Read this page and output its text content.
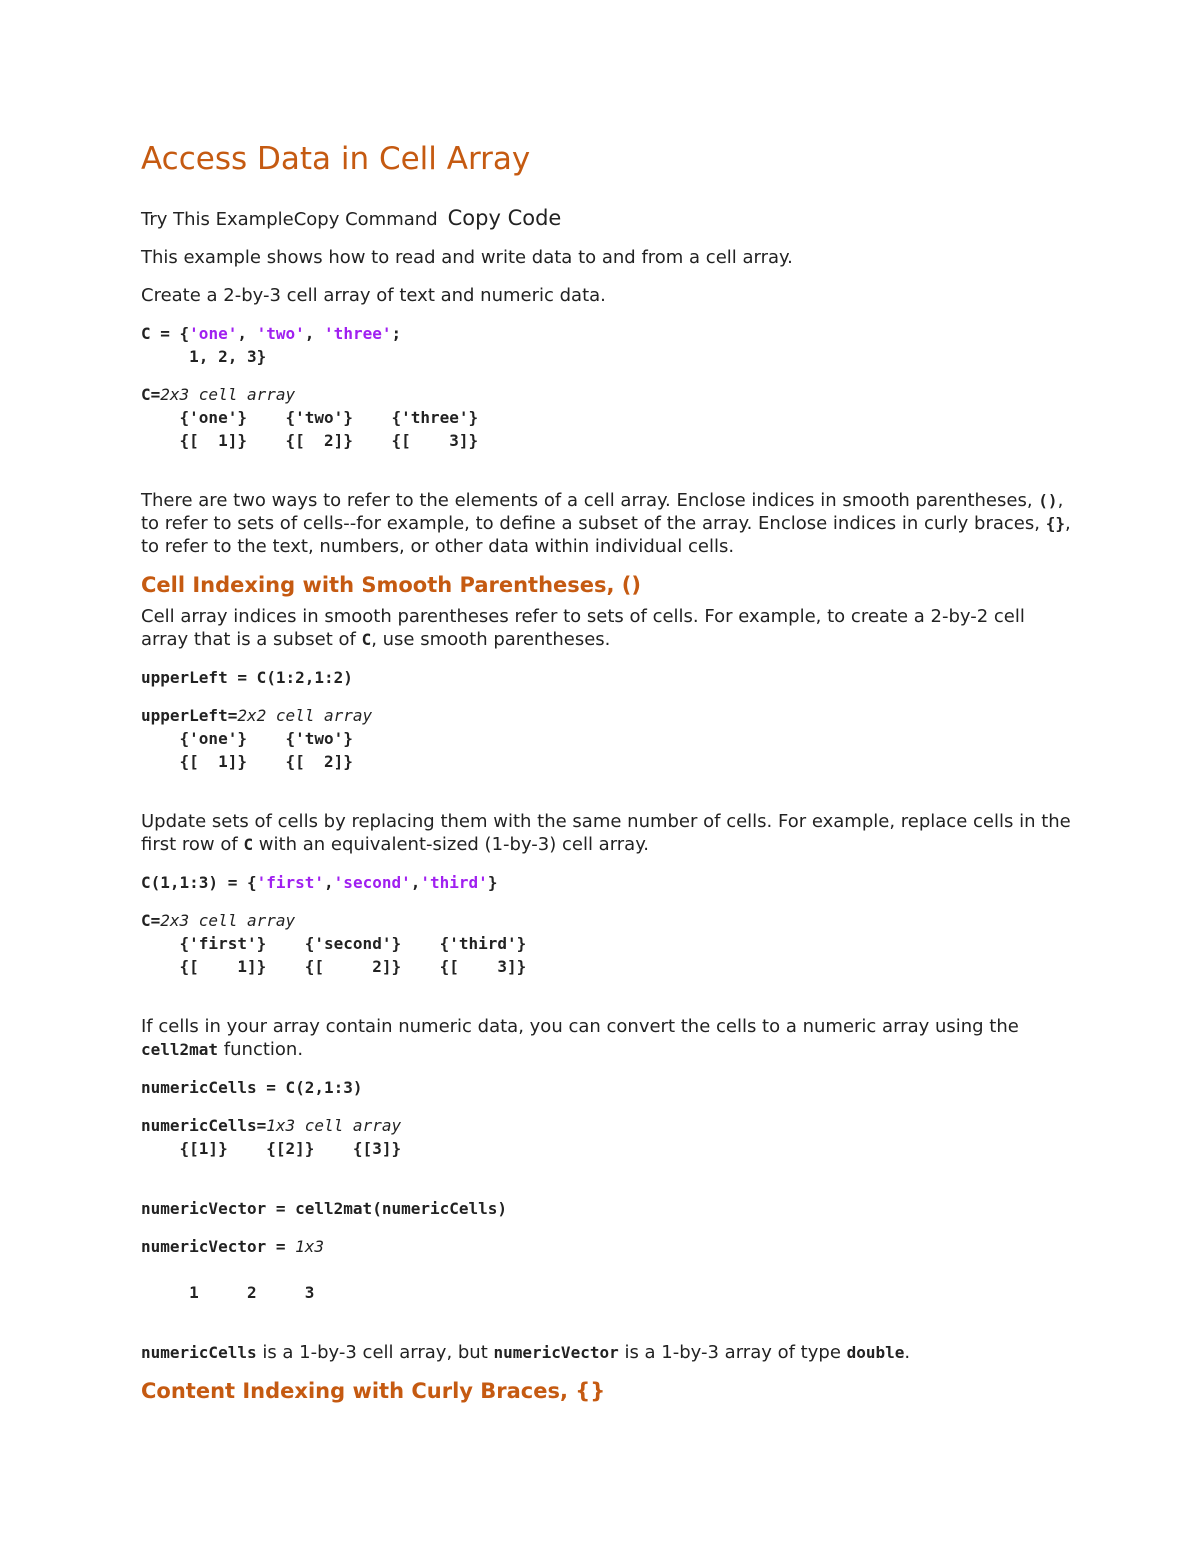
Access Data in Cell Array
Try This ExampleCopy Command Copy Code

This example shows how to read and write data to and from a cell array.

Create a 2-by-3 cell array of text and numeric data.

C = {'one', 'two', 'three';
1, 2, 3}
C=2x3 cell array
{'one'}    {'two'}    {'three'}
{[  1]}    {[  2]}    {[    3]}

There are two ways to refer to the elements of a cell array. Enclose indices in smooth parentheses, (), to refer to sets of cells--for example, to define a subset of the array. Enclose indices in curly braces, {}, to refer to the text, numbers, or other data within individual cells.

Cell Indexing with Smooth Parentheses, ()

Cell array indices in smooth parentheses refer to sets of cells. For example, to create a 2-by-2 cell array that is a subset of C, use smooth parentheses.

upperLeft = C(1:2,1:2)
upperLeft=2x2 cell array
{'one'}    {'two'}
{[  1]}    {[  2]}

Update sets of cells by replacing them with the same number of cells. For example, replace cells in the first row of C with an equivalent-sized (1-by-3) cell array.

C(1,1:3) = {'first','second','third'}
C=2x3 cell array
{'first'}    {'second'}    {'third'}
{[    1]}    {[     2]}    {[    3]}

If cells in your array contain numeric data, you can convert the cells to a numeric array using the cell2mat function.

numericCells = C(2,1:3)
numericCells=1x3 cell array
{[1]}    {[2]}    {[3]}
numericVector = cell2mat(numericCells)
numericVector = 1x3

1     2     3

numericCells is a 1-by-3 cell array, but numericVector is a 1-by-3 array of type double.

Content Indexing with Curly Braces, {}
